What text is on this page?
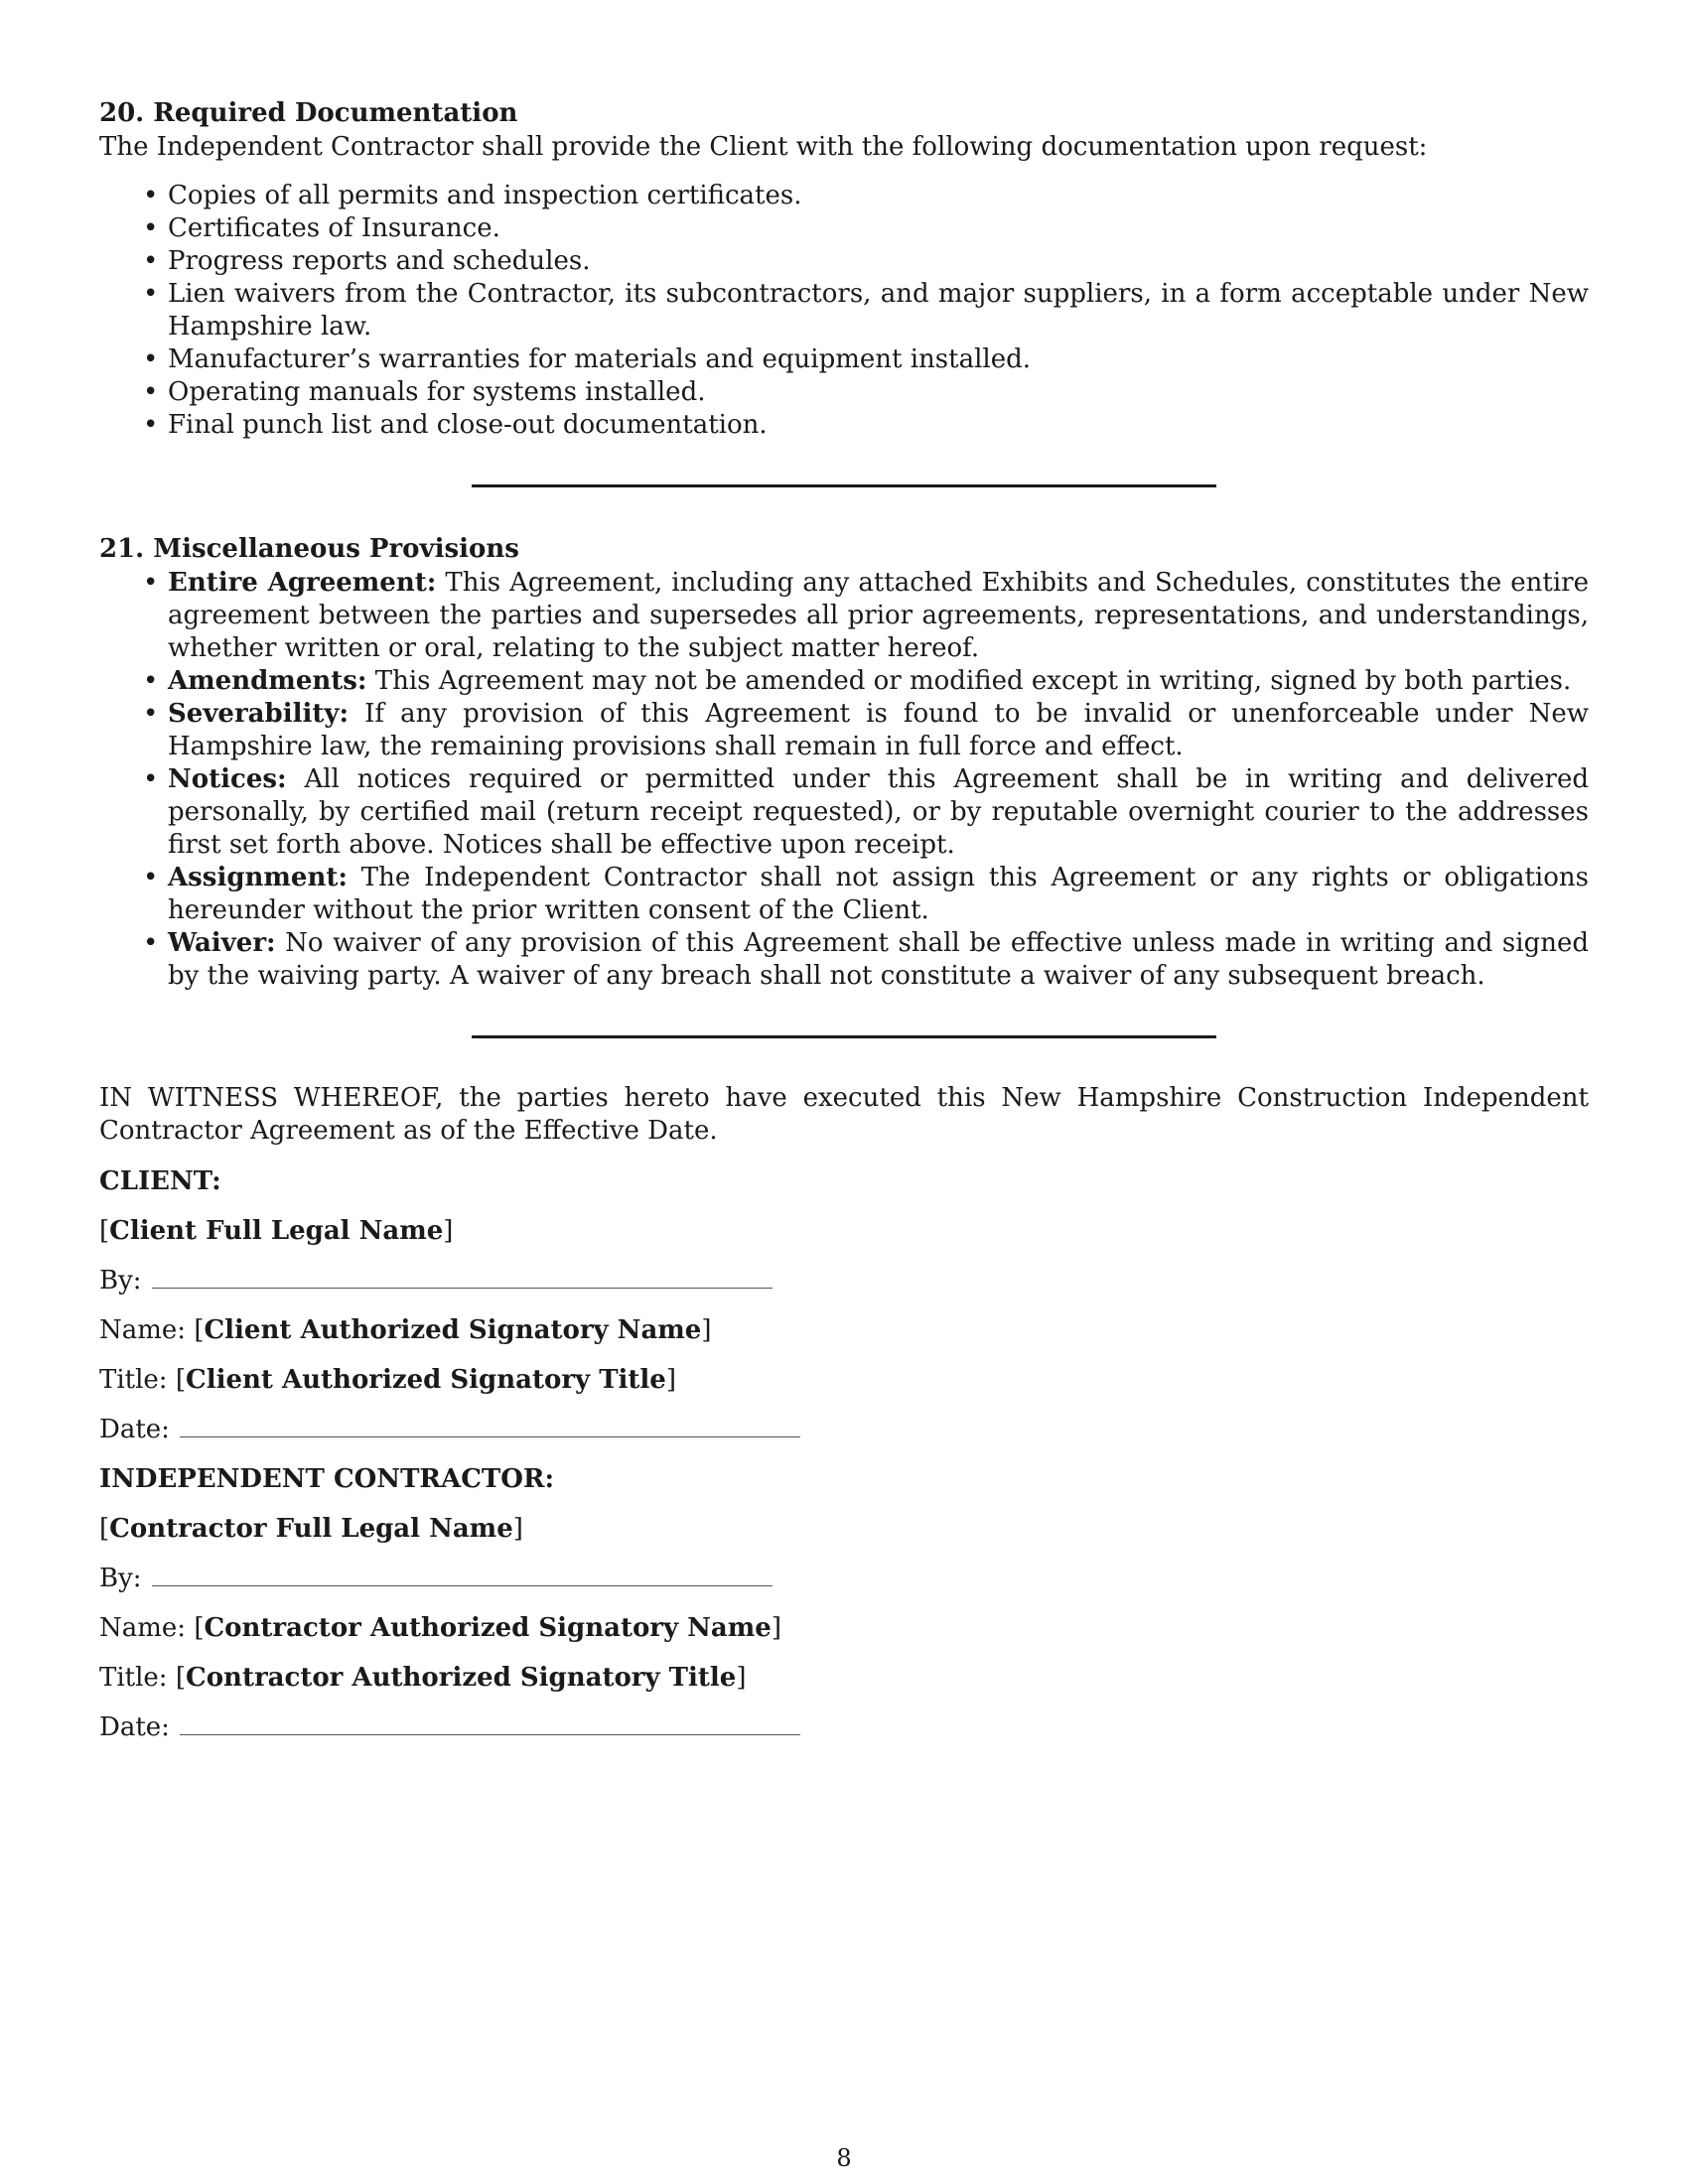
20. Required Documentation

The Independent Contractor shall provide the Client with the following documentation upon request:

• Copies of all permits and inspection certificates.
• Certificates of Insurance.
• Progress reports and schedules.
• Lien waivers from the Contractor, its subcontractors, and major suppliers, in a form acceptable under New Hampshire law.
• Manufacturer’s warranties for materials and equipment installed.
• Operating manuals for systems installed.
• Final punch list and close-out documentation.

21. Miscellaneous Provisions

• Entire Agreement: This Agreement, including any attached Exhibits and Schedules, constitutes the entire agreement between the parties and supersedes all prior agreements, representations, and understandings, whether written or oral, relating to the subject matter hereof.
• Amendments: This Agreement may not be amended or modified except in writing, signed by both parties.
• Severability: If any provision of this Agreement is found to be invalid or unenforceable under New Hampshire law, the remaining provisions shall remain in full force and effect.
• Notices: All notices required or permitted under this Agreement shall be in writing and delivered personally, by certified mail (return receipt requested), or by reputable overnight courier to the addresses first set forth above. Notices shall be effective upon receipt.
• Assignment: The Independent Contractor shall not assign this Agreement or any rights or obligations hereunder without the prior written consent of the Client.
• Waiver: No waiver of any provision of this Agreement shall be effective unless made in writing and signed by the waiving party. A waiver of any breach shall not constitute a waiver of any subsequent breach.

IN WITNESS WHEREOF, the parties hereto have executed this New Hampshire Construction Independent Contractor Agreement as of the Effective Date.

CLIENT:

[Client Full Legal Name]

By:

Name: [Client Authorized Signatory Name]

Title: [Client Authorized Signatory Title]

Date:

INDEPENDENT CONTRACTOR:

[Contractor Full Legal Name]

By:

Name: [Contractor Authorized Signatory Name]

Title: [Contractor Authorized Signatory Title]

Date:

8
